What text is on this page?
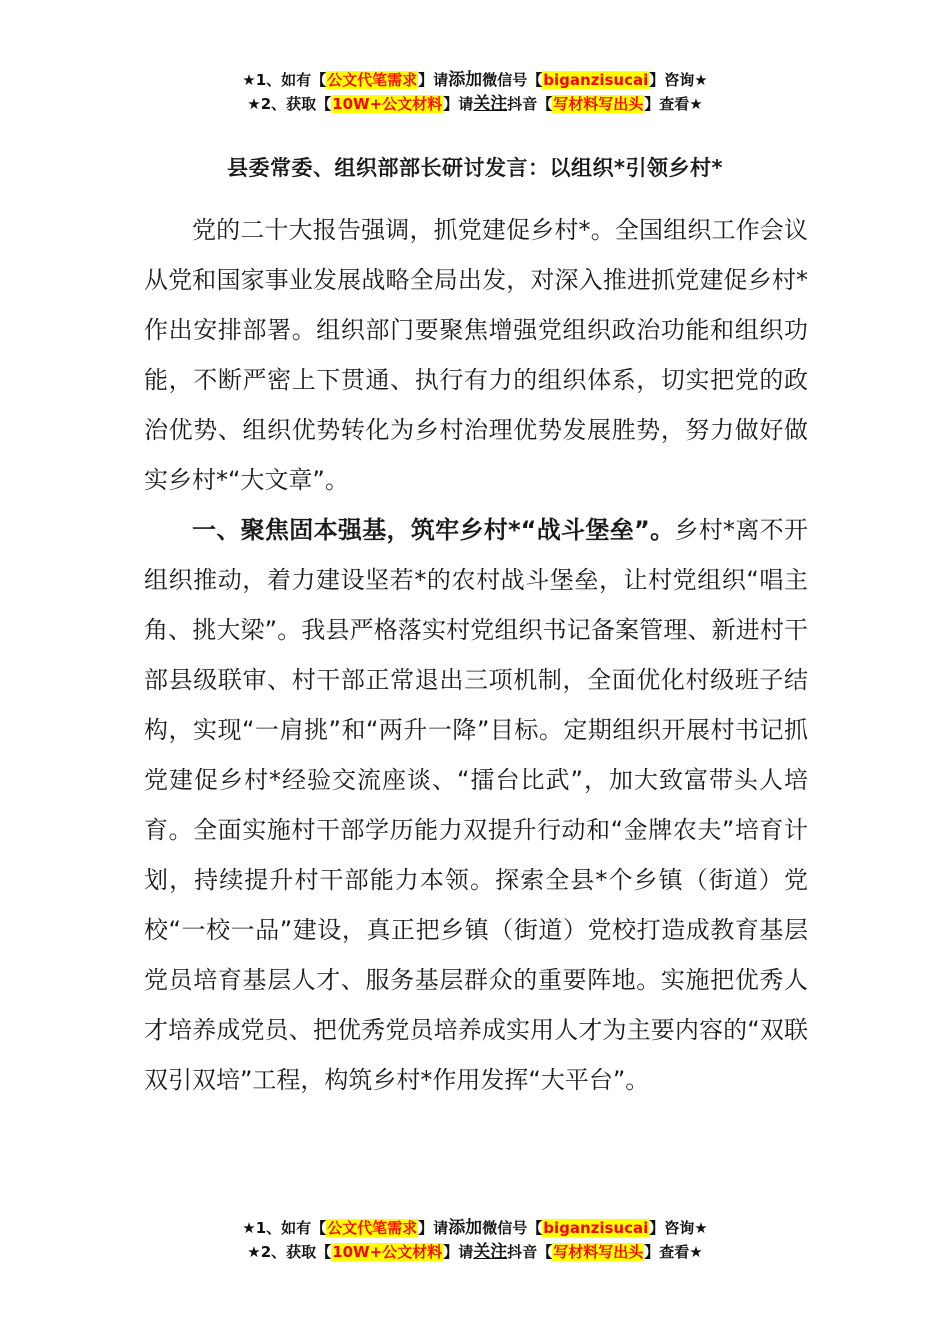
★1、如有【公文代笔需求】请添加微信号【biganzisucai】咨询★
★2、获取【10W+公文材料】请关注抖音【写材料写出头】查看★
县委常委、组织部部长研讨发言：以组织*引领乡村*

党的二十大报告强调，抓党建促乡村*。全国组织工作会议从党和国家事业发展战略全局出发，对深入推进抓党建促乡村*作出安排部署。组织部门要聚焦增强党组织政治功能和组织功能，不断严密上下贯通、执行有力的组织体系，切实把党的政治优势、组织优势转化为乡村治理优势发展胜势，努力做好做实乡村*“大文章”。

一、聚焦固本强基，筑牢乡村*“战斗堡垒”。乡村*离不开组织推动，着力建设坚若*的农村战斗堡垒，让村党组织“唱主角、挑大梁”。我县严格落实村党组织书记备案管理、新进村干部县级联审、村干部正常退出三项机制，全面优化村级班子结构，实现“一肩挑”和“两升一降”目标。定期组织开展村书记抓党建促乡村*经验交流座谈、“擂台比武”，加大致富带头人培育。全面实施村干部学历能力双提升行动和“金牌农夫”培育计划，持续提升村干部能力本领。探索全县*个乡镇（街道）党校“一校一品”建设，真正把乡镇（街道）党校打造成教育基层党员培育基层人才、服务基层群众的重要阵地。实施把优秀人才培养成党员、把优秀党员培养成实用人才为主要内容的“双联双引双培”工程，构筑乡村*作用发挥“大平台”。

★1、如有【公文代笔需求】请添加微信号【biganzisucai】咨询★
★2、获取【10W+公文材料】请关注抖音【写材料写出头】查看★
